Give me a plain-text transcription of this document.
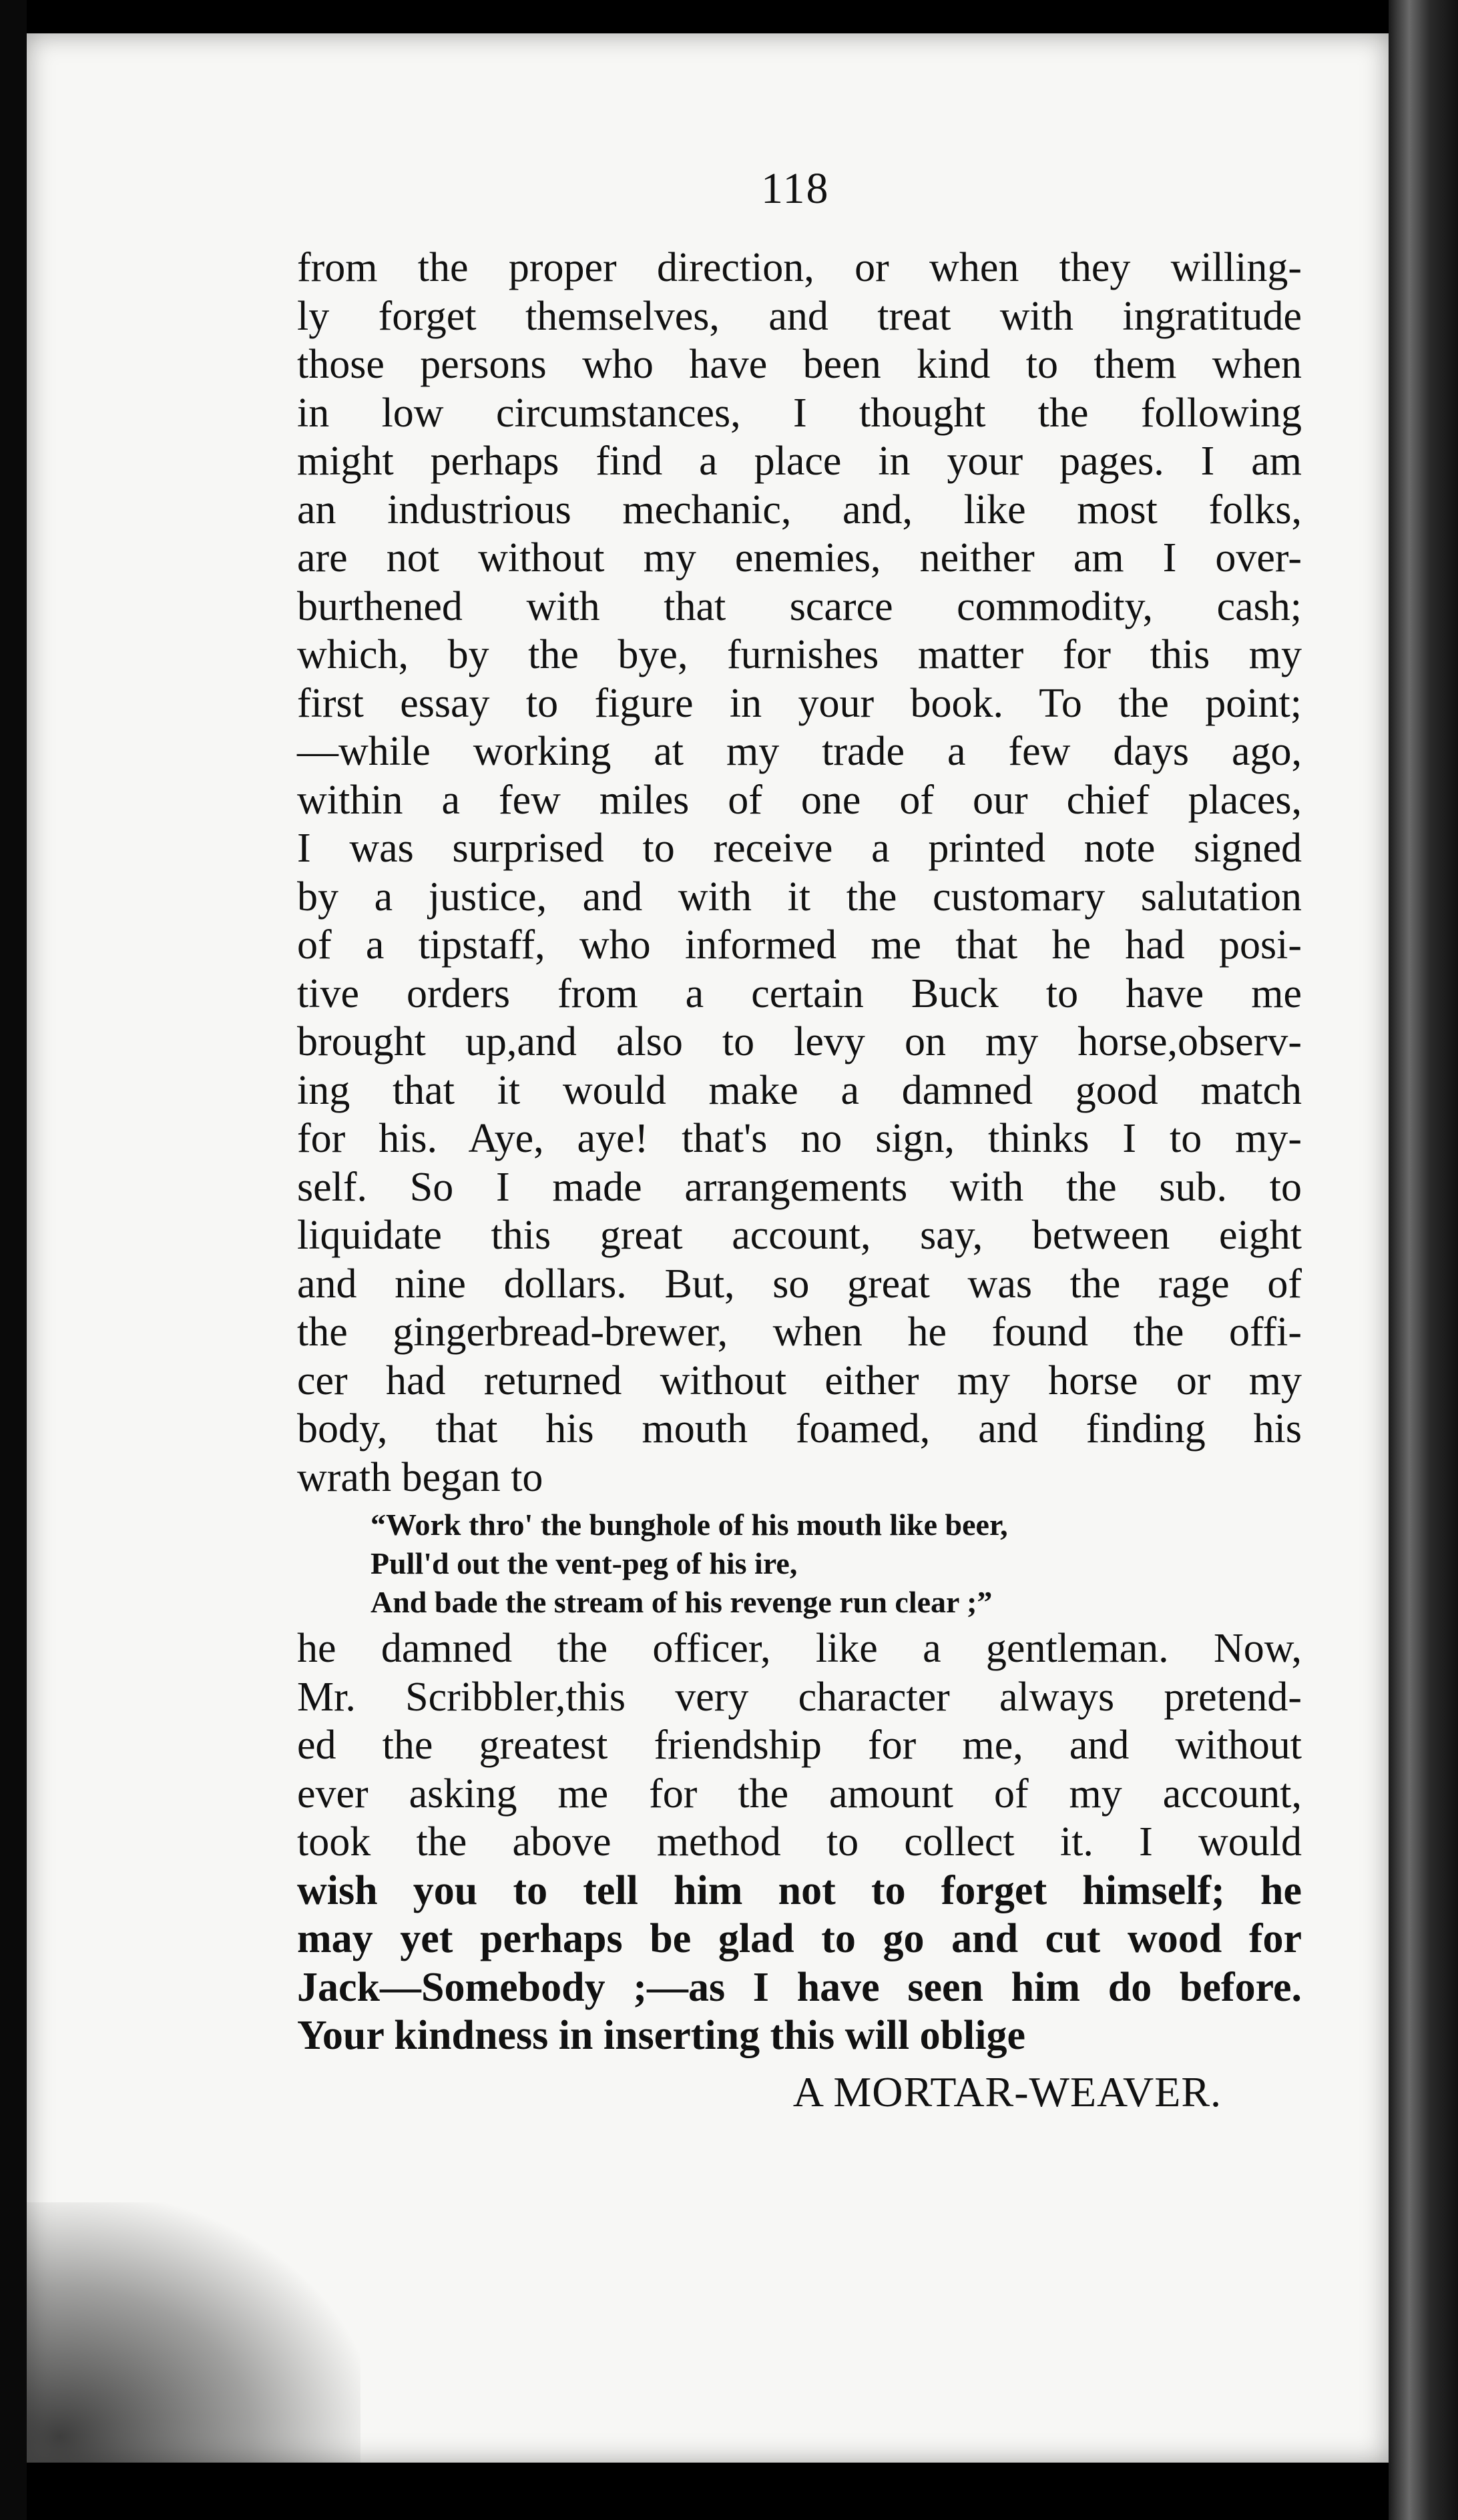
118
from the proper direction, or when they willing-
ly forget themselves, and treat with ingratitude
those persons who have been kind to them when
in low circumstances, I thought the following
might perhaps find a place in your pages. I am
an industrious mechanic, and, like most folks,
are not without my enemies, neither am I over-
burthened with that scarce commodity, cash;
which, by the bye, furnishes matter for this my
first essay to figure in your book. To the point;
—while working at my trade a few days ago,
within a few miles of one of our chief places,
I was surprised to receive a printed note signed
by a justice, and with it the customary salutation
of a tipstaff, who informed me that he had posi-
tive orders from a certain Buck to have me
brought up,and also to levy on my horse,observ-
ing that it would make a damned good match
for his. Aye, aye! that's no sign, thinks I to my-
self. So I made arrangements with the sub. to
liquidate this great account, say, between eight
and nine dollars. But, so great was the rage of
the gingerbread-brewer, when he found the offi-
cer had returned without either my horse or my
body, that his mouth foamed, and finding his
wrath began to
“Work thro' the bunghole of his mouth like beer,
Pull'd out the vent-peg of his ire,
And bade the stream of his revenge run clear ;”
he damned the officer, like a gentleman. Now,
Mr. Scribbler,this very character always pretend-
ed the greatest friendship for me, and without
ever asking me for the amount of my account,
took the above method to collect it. I would
wish you to tell him not to forget himself; he
may yet perhaps be glad to go and cut wood for
Jack—Somebody ;—as I have seen him do before.
Your kindness in inserting this will oblige
A MORTAR-WEAVER.
